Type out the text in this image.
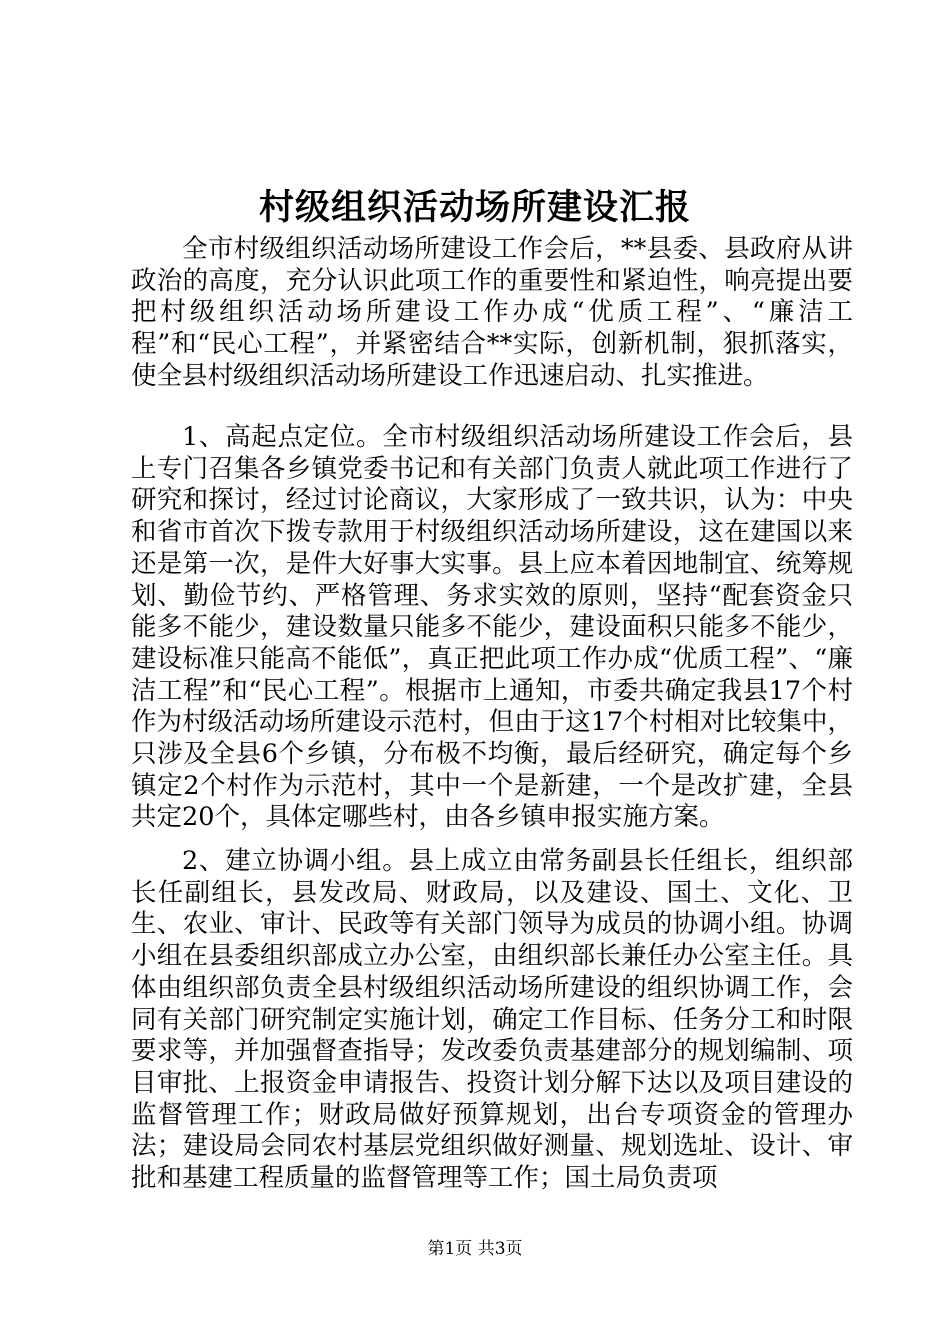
村级组织活动场所建设汇报

全市村级组织活动场所建设工作会后，**县委、县政府从讲政治的高度，充分认识此项工作的重要性和紧迫性，响亮提出要把村级组织活动场所建设工作办成“优质工程”、“廉洁工程”和“民心工程”，并紧密结合**实际，创新机制，狠抓落实，使全县村级组织活动场所建设工作迅速启动、扎实推进。

1、高起点定位。全市村级组织活动场所建设工作会后，县上专门召集各乡镇党委书记和有关部门负责人就此项工作进行了研究和探讨，经过讨论商议，大家形成了一致共识，认为：中央和省市首次下拨专款用于村级组织活动场所建设，这在建国以来还是第一次，是件大好事大实事。县上应本着因地制宜、统筹规划、勤俭节约、严格管理、务求实效的原则，坚持“配套资金只能多不能少，建设数量只能多不能少，建设面积只能多不能少，建设标准只能高不能低”，真正把此项工作办成“优质工程”、“廉洁工程”和“民心工程”。根据市上通知，市委共确定我县17个村作为村级活动场所建设示范村，但由于这17个村相对比较集中，只涉及全县6个乡镇，分布极不均衡，最后经研究，确定每个乡镇定2个村作为示范村，其中一个是新建，一个是改扩建，全县共定20个，具体定哪些村，由各乡镇申报实施方案。

2、建立协调小组。县上成立由常务副县长任组长，组织部长任副组长，县发改局、财政局，以及建设、国土、文化、卫生、农业、审计、民政等有关部门领导为成员的协调小组。协调小组在县委组织部成立办公室，由组织部长兼任办公室主任。具体由组织部负责全县村级组织活动场所建设的组织协调工作，会同有关部门研究制定实施计划，确定工作目标、任务分工和时限要求等，并加强督查指导；发改委负责基建部分的规划编制、项目审批、上报资金申请报告、投资计划分解下达以及项目建设的监督管理工作；财政局做好预算规划，出台专项资金的管理办法；建设局会同农村基层党组织做好测量、规划选址、设计、审批和基建工程质量的监督管理等工作；国土局负责项

第1页 共3页
